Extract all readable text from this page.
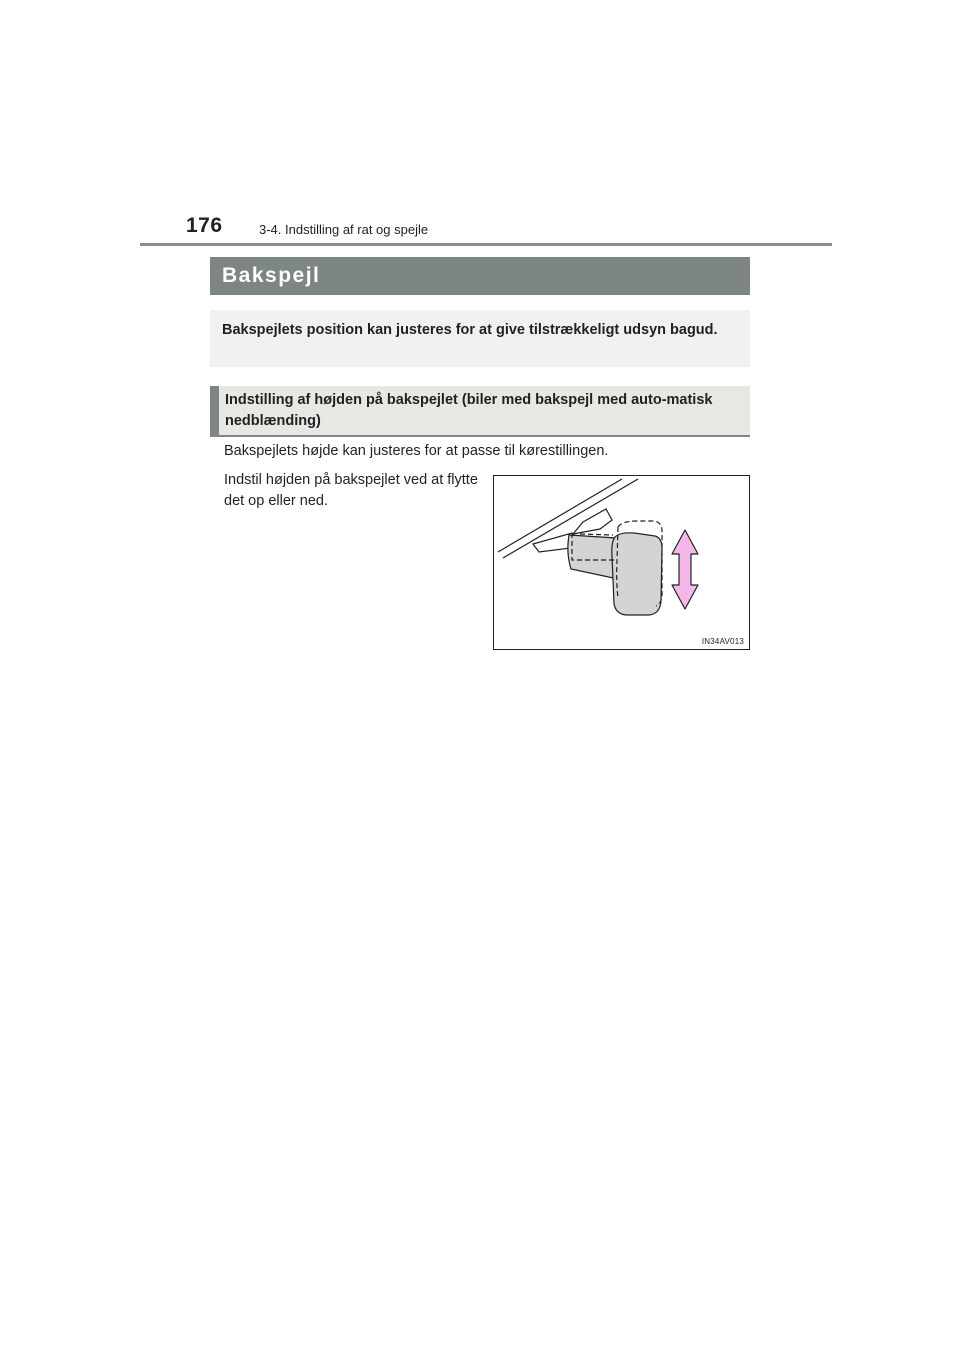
176	3-4. Indstilling af rat og spejle
Bakspejl
Bakspejlets position kan justeres for at give tilstrækkeligt udsyn bagud.
Indstilling af højden på bakspejlet (biler med bakspejl med auto-matisk nedblænding)
Bakspejlets højde kan justeres for at passe til kørestillingen.
Indstil højden på bakspejlet ved at flytte det op eller ned.
IN34AV013
